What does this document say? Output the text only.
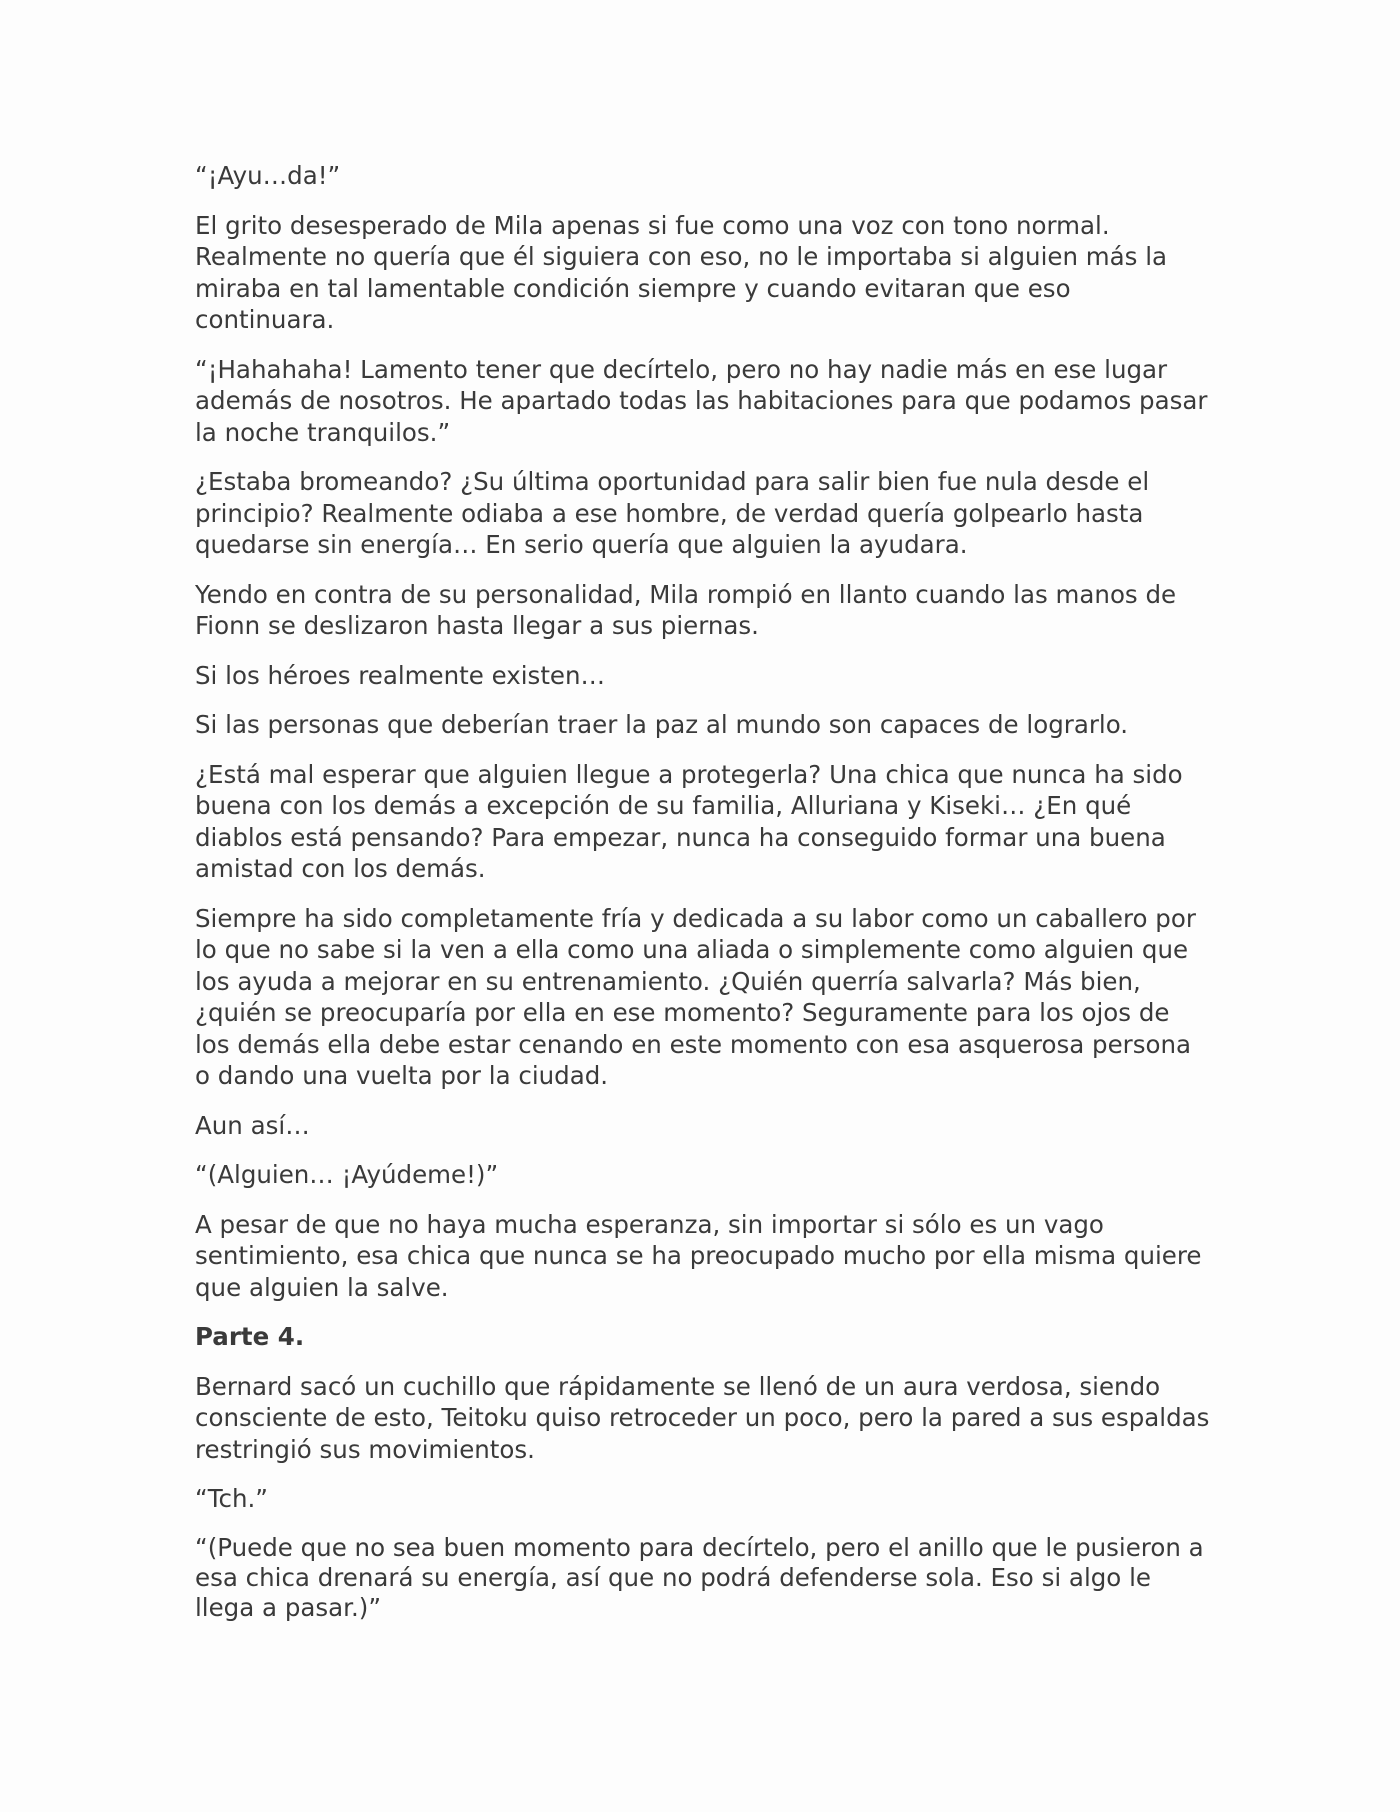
“¡Ayu…da!”

El grito desesperado de Mila apenas si fue como una voz con tono normal. Realmente no quería que él siguiera con eso, no le importaba si alguien más la miraba en tal lamentable condición siempre y cuando evitaran que eso continuara.

“¡Hahahaha! Lamento tener que decírtelo, pero no hay nadie más en ese lugar además de nosotros. He apartado todas las habitaciones para que podamos pasar la noche tranquilos.”

¿Estaba bromeando? ¿Su última oportunidad para salir bien fue nula desde el principio? Realmente odiaba a ese hombre, de verdad quería golpearlo hasta quedarse sin energía… En serio quería que alguien la ayudara.

Yendo en contra de su personalidad, Mila rompió en llanto cuando las manos de Fionn se deslizaron hasta llegar a sus piernas.

Si los héroes realmente existen…

Si las personas que deberían traer la paz al mundo son capaces de lograrlo.

¿Está mal esperar que alguien llegue a protegerla? Una chica que nunca ha sido buena con los demás a excepción de su familia, Alluriana y Kiseki… ¿En qué diablos está pensando? Para empezar, nunca ha conseguido formar una buena amistad con los demás.

Siempre ha sido completamente fría y dedicada a su labor como un caballero por lo que no sabe si la ven a ella como una aliada o simplemente como alguien que los ayuda a mejorar en su entrenamiento. ¿Quién querría salvarla? Más bien, ¿quién se preocuparía por ella en ese momento? Seguramente para los ojos de los demás ella debe estar cenando en este momento con esa asquerosa persona o dando una vuelta por la ciudad.

Aun así…

“(Alguien… ¡Ayúdeme!)”

A pesar de que no haya mucha esperanza, sin importar si sólo es un vago sentimiento, esa chica que nunca se ha preocupado mucho por ella misma quiere que alguien la salve.

Parte 4.

Bernard sacó un cuchillo que rápidamente se llenó de un aura verdosa, siendo consciente de esto, Teitoku quiso retroceder un poco, pero la pared a sus espaldas restringió sus movimientos.

“Tch.”

“(Puede que no sea buen momento para decírtelo, pero el anillo que le pusieron a esa chica drenará su energía, así que no podrá defenderse sola. Eso si algo le llega a pasar.)”
